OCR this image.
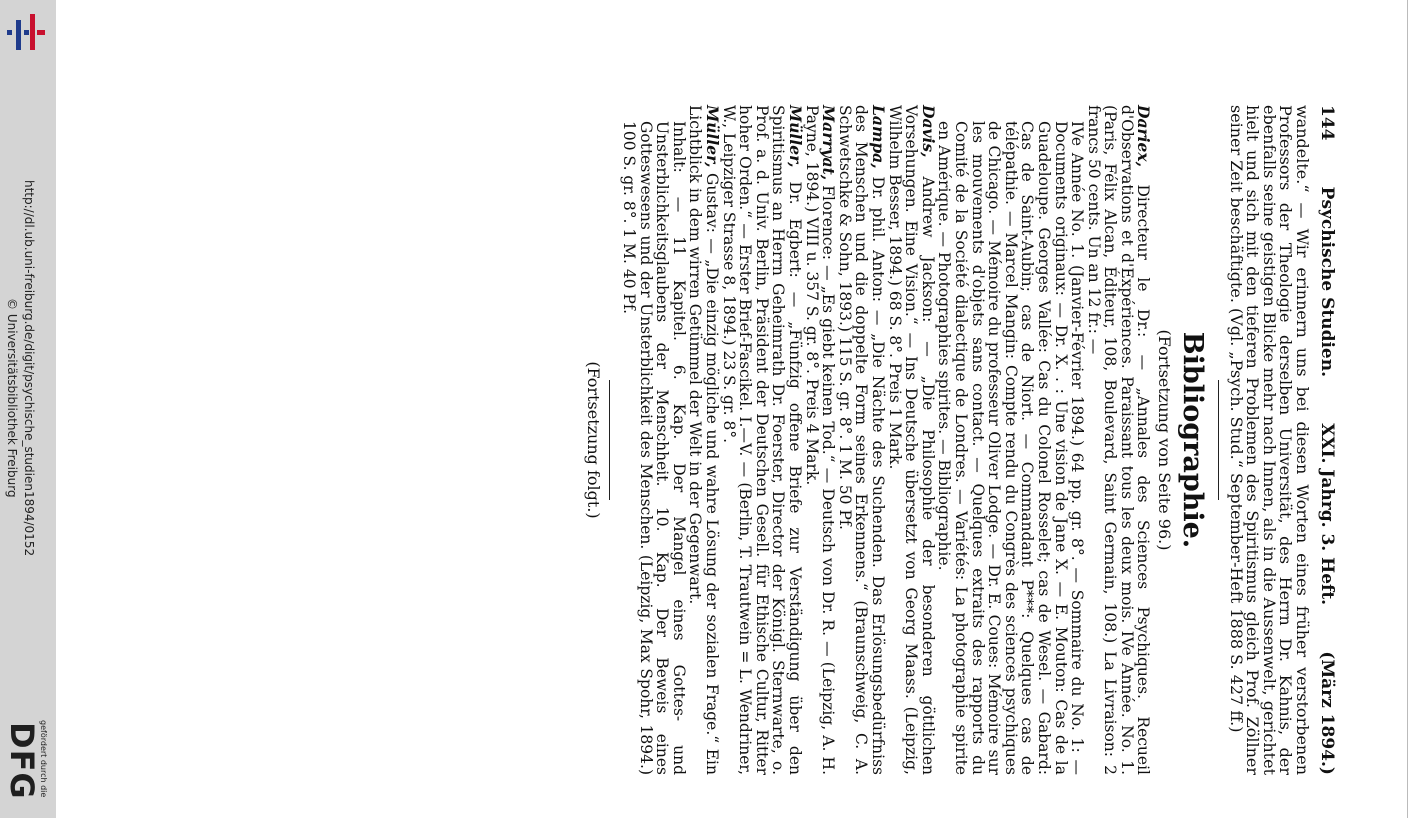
http://dl.ub.uni-freiburg.de/digit/psychische_studien1894/0152
© Universitätsbibliothek Freiburg
gefördert durch die
DFG
144
Psychische Studien.
XXI. Jahrg. 3. Heft.
(März 1894.)

wandelte.“ — Wir erinnern uns bei diesen Worten eines früher verstorbenen Professors der Theologie derselben Universität, des Herrn Dr. Kahnis, der ebenfalls seine geistigen Blicke mehr nach Innen, als in die Aussenwelt, gerichtet hielt und sich mit den tieferen Problemen des Spiritismus gleich Prof. Zöllner seiner Zeit beschäftigte. (Vgl. „Psych. Stud.“ September-Heft 1888 S. 427 ff.)

Bibliographie.

(Fortsetzung von Seite 96.)

Dariex, Directeur le Dr.: — „Annales des Sciences Psychiques. Recueil d'Observations et d'Expériences. Paraissant tous les deux mois. IVe Année. No. 1. (Paris, Félix Alcan, Éditeur, 108, Boulevard, Saint Germain, 108.) La Livraison: 2 francs 50 cents. Un an 12 fr.: —

IVe Année No. 1. (Janvier-Février 1894.) 64 pp. gr. 8°. — Sommaire du No. 1: — Documents originaux: — Dr. X. . : Une vision de Jane X. — E. Mouton: Cas de la Guadeloupe. Georges Vallée: Cas du Colonel Rosselet; cas de Wesel. — Gabard: Cas de Saint-Aubin; cas de Niort. — Commandant P***: Quelques cas de télépathie. — Marcel Mangin: Compte rendu du Congrès des sciences psychiques de Chicago. — Mémoire du professeur Oliver Lodge. — Dr. E. Coues: Mémoire sur les mouvements d'objets sans contact. — Quelques extraits des rapports du Comité de la Société dialectique de Londres. — Variétés: La photographie spirite en Amérique. — Photographies spirites. — Bibliographie.

Davis, Andrew Jackson: — „Die Philosophie der besonderen göttlichen Vorsehungen. Eine Vision.“ — Ins Deutsche übersetzt von Georg Maass. (Leipzig, Wilhelm Besser, 1894.) 68 S. 8°. Preis 1 Mark.

Lampa, Dr. phil. Anton: — „Die Nächte des Suchenden. Das Erlösungsbedürfniss des Menschen und die doppelte Form seines Erkennens.“ (Braunschweig, C. A. Schwetschke & Sohn, 1893.) 115 S. gr. 8°. 1 M. 50 Pf.

Marryat, Florence: — „Es giebt keinen Tod.“ — Deutsch von Dr. R. — (Leipzig, A. H. Payne, 1894.) VIII u. 357 S. gr. 8°. Preis 4 Mark.

Müller, Dr. Egbert: — „Fünfzig offene Briefe zur Verständigung über den Spiritismus an Herrn Geheimrath Dr. Foerster, Director der Königl. Sternwarte, o. Prof. a. d. Univ. Berlin, Präsident der Deutschen Gesell. für Ethische Cultur, Ritter hoher Orden.“ — Erster Brief-Fascikel. I.—V. — (Berlin, T. Trautwein = L. Wendriner, W., Leipziger Strasse 8, 1894.) 23 S. gr. 8°.

Müller, Gustav: — „Die einzig mögliche und wahre Lösung der sozialen Frage.“ Ein Lichtblick in dem wirren Getümmel der Welt in der Gegenwart.

Inhalt: — 11 Kapitel. 6. Kap. Der Mangel eines Gottes- und Unsterblichkeitsglaubens der Menschheit. 10. Kap. Der Beweis eines Gotteswesens und der Unsterblichkeit des Menschen. (Leipzig, Max Spohr, 1894.) 100 S. gr. 8°. 1 M. 40 Pf.

(Fortsetzung folgt.)
